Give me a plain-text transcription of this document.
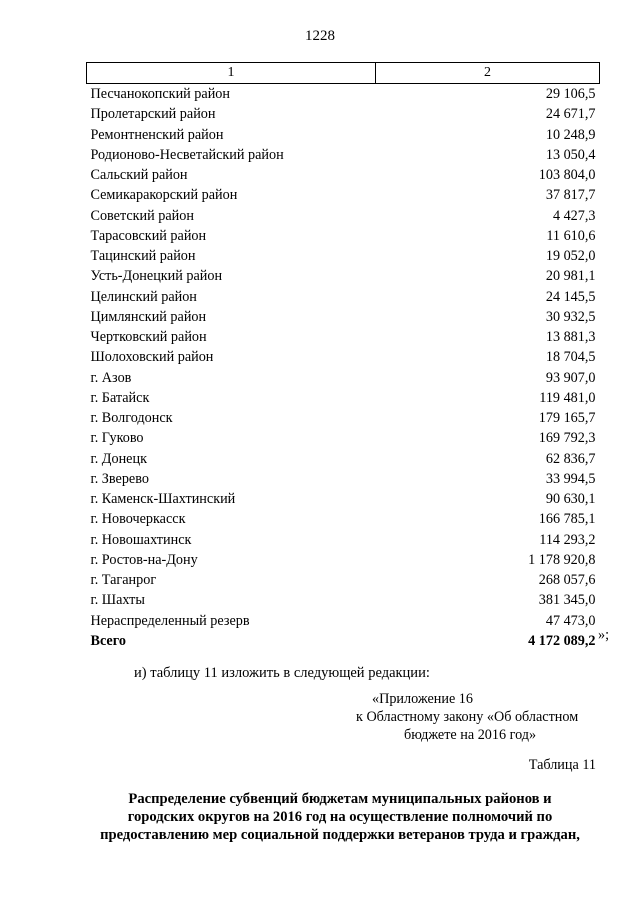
1228
1	2
Песчанокопский район	29 106,5
Пролетарский район	24 671,7
Ремонтненский район	10 248,9
Родионово-Несветайский район	13 050,4
Сальский район	103 804,0
Семикаракорский район	37 817,7
Советский район	4 427,3
Тарасовский район	11 610,6
Тацинский район	19 052,0
Усть-Донецкий район	20 981,1
Целинский район	24 145,5
Цимлянский район	30 932,5
Чертковский район	13 881,3
Шолоховский район	18 704,5
г. Азов	93 907,0
г. Батайск	119 481,0
г. Волгодонск	179 165,7
г. Гуково	169 792,3
г. Донецк	62 836,7
г. Зверево	33 994,5
г. Каменск-Шахтинский	90 630,1
г. Новочеркасск	166 785,1
г. Новошахтинск	114 293,2
г. Ростов-на-Дону	1 178 920,8
г. Таганрог	268 057,6
г. Шахты	381 345,0
Нераспределенный резерв	47 473,0
Всего	4 172 089,2 »;
и) таблицу 11 изложить в следующей редакции:
«Приложение 16
к Областному закону «Об областном
бюджете на 2016 год»
Таблица 11
Распределение субвенций бюджетам муниципальных районов и
городских округов на 2016 год на осуществление полномочий по
предоставлению мер социальной поддержки ветеранов труда и граждан,
